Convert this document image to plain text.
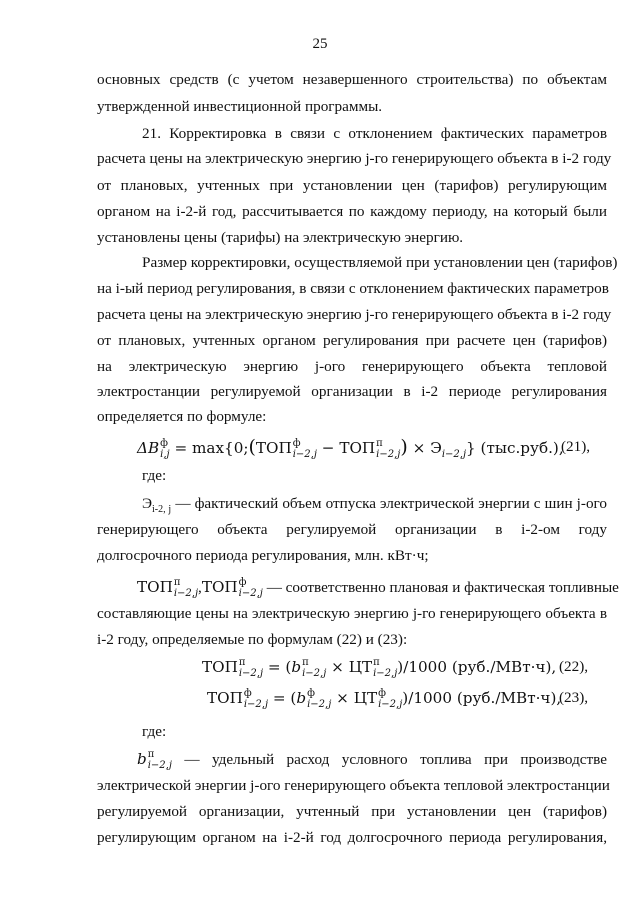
25
основных средств (с учетом незавершенного строительства) по объектам
утвержденной инвестиционной программы.
21. Корректировка в связи с отклонением фактических параметров
расчета цены на электрическую энергию j-го генерирующего объекта в i-2 году
от плановых, учтенных при установлении цен (тарифов) регулирующим
органом на i-2-й год, рассчитывается по каждому периоду, на который были
установлены цены (тарифы) на электрическую энергию.
Размер корректировки, осуществляемой при установлении цен (тарифов)
на i-ый период регулирования, в связи с отклонением фактических параметров
расчета цены на электрическую энергию j-го генерирующего объекта в i-2 году
от плановых, учтенных органом регулирования при расчете цен (тарифов)
на электрическую энергию j-ого генерирующего объекта тепловой
электростанции регулируемой организации в i-2 периоде регулирования
определяется по формуле:
ΔB ф
i,j = max{0;(ТОП ф
i−2,j − ТОП п
i−2,j ) × $Э_{i-2,j}$} (тыс.руб.),
(21),
где:
$Э_{i-2, j}$ — фактический объем отпуска электрической энергии с шин j-ого
генерирующего объекта регулируемой организации в i-2-ом году
долгосрочного периода регулирования, млн. кВт·ч;
ТОП п
i−2,j ,ТОП ф
i−2,j — соответственно плановая и фактическая топливные
составляющие цены на электрическую энергию j-го генерирующего объекта в
i-2 году, определяемые по формулам (22) и (23):
ТОП п
i−2,j = (b п
i−2,j × ЦТ п
i−2,j )/1000 (руб./МВт·ч), (22),
ТОП ф
i−2,j = (b ф
i−2,j × ЦТ ф
i−2,j )/1000 (руб./МВт·ч),
(23),
где:
b п
i−2,j — удельный расход условного топлива при производстве
электрической энергии j-ого генерирующего объекта тепловой электростанции
регулируемой организации, учтенный при установлении цен (тарифов)
регулирующим органом на i-2-й год долгосрочного периода регулирования,
